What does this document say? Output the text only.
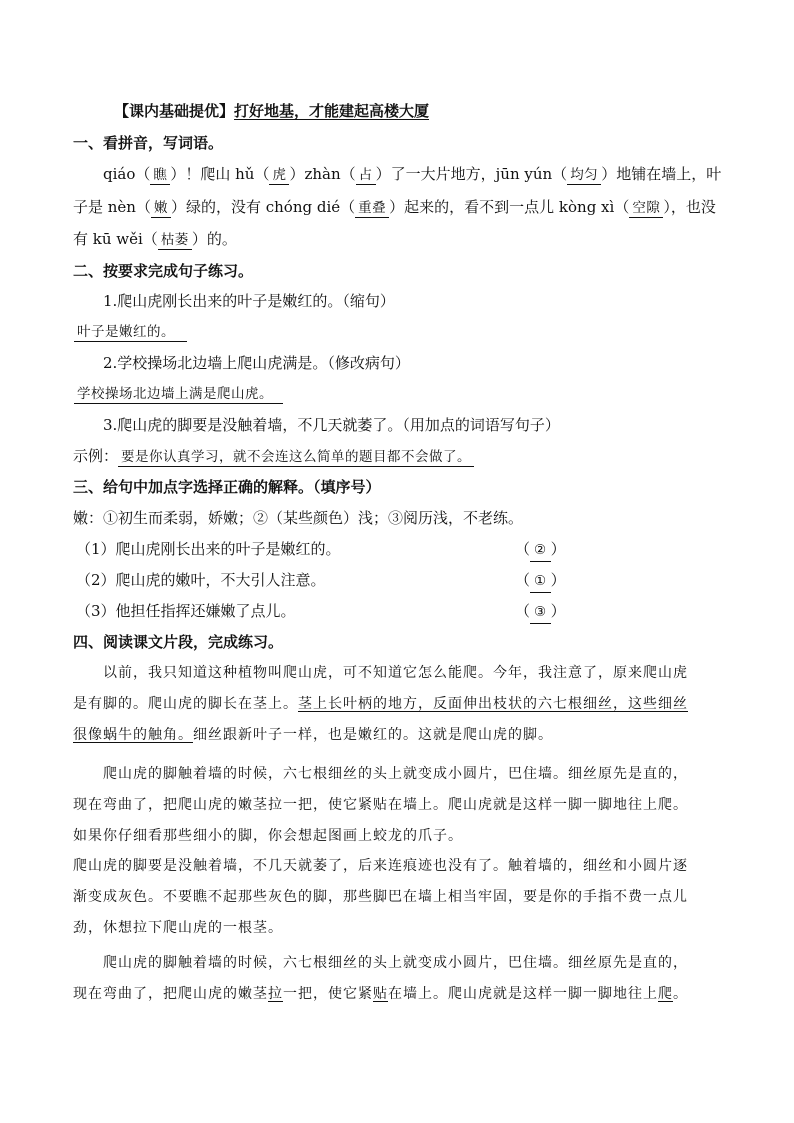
【课内基础提优】打好地基，才能建起高楼大厦
一、看拼音，写词语。
qiáo（ 瞧 ）！爬山 hǔ（ 虎 ）zhàn（ 占 ）了一大片地方，jūn yún（ 均匀 ）地铺在墙上，叶
子是 nèn（ 嫩 ）绿的，没有 chóng dié（ 重叠 ）起来的，看不到一点儿 kòng xì（ 空隙 ），也没
有 kū wěi（ 枯萎 ）的。
二、按要求完成句子练习。
1.爬山虎刚长出来的叶子是嫩红的。（缩句）
叶子是嫩红的。
2.学校操场北边墙上爬山虎满是。（修改病句）
学校操场北边墙上满是爬山虎。
3.爬山虎的脚要是没触着墙，不几天就萎了。（用加点的词语写句子）
示例： 要是你认真学习，就不会连这么简单的题目都不会做了。
三、给句中加点字选择正确的解释。（填序号）
嫩：①初生而柔弱，娇嫩；②（某些颜色）浅；③阅历浅，不老练。
（1）爬山虎刚长出来的叶子是嫩红的。	（ ② ）
（2）爬山虎的嫩叶，不大引人注意。	（ ① ）
（3）他担任指挥还嫌嫩了点儿。	（ ③ ）
四、阅读课文片段，完成练习。
以前，我只知道这种植物叫爬山虎，可不知道它怎么能爬。今年，我注意了，原来爬山虎
是有脚的。爬山虎的脚长在茎上。茎上长叶柄的地方，反面伸出枝状的六七根细丝，这些细丝
很像蜗牛的触角。细丝跟新叶子一样，也是嫩红的。这就是爬山虎的脚。
爬山虎的脚触着墙的时候，六七根细丝的头上就变成小圆片，巴住墙。细丝原先是直的，
现在弯曲了，把爬山虎的嫩茎拉一把，使它紧贴在墙上。爬山虎就是这样一脚一脚地往上爬。
如果你仔细看那些细小的脚，你会想起图画上蛟龙的爪子。
爬山虎的脚要是没触着墙，不几天就萎了，后来连痕迹也没有了。触着墙的，细丝和小圆片逐
渐变成灰色。不要瞧不起那些灰色的脚，那些脚巴在墙上相当牢固，要是你的手指不费一点儿
劲，休想拉下爬山虎的一根茎。
爬山虎的脚触着墙的时候，六七根细丝的头上就变成小圆片，巴住墙。细丝原先是直的，
现在弯曲了，把爬山虎的嫩茎拉一把，使它紧贴在墙上。爬山虎就是这样一脚一脚地往上爬。
